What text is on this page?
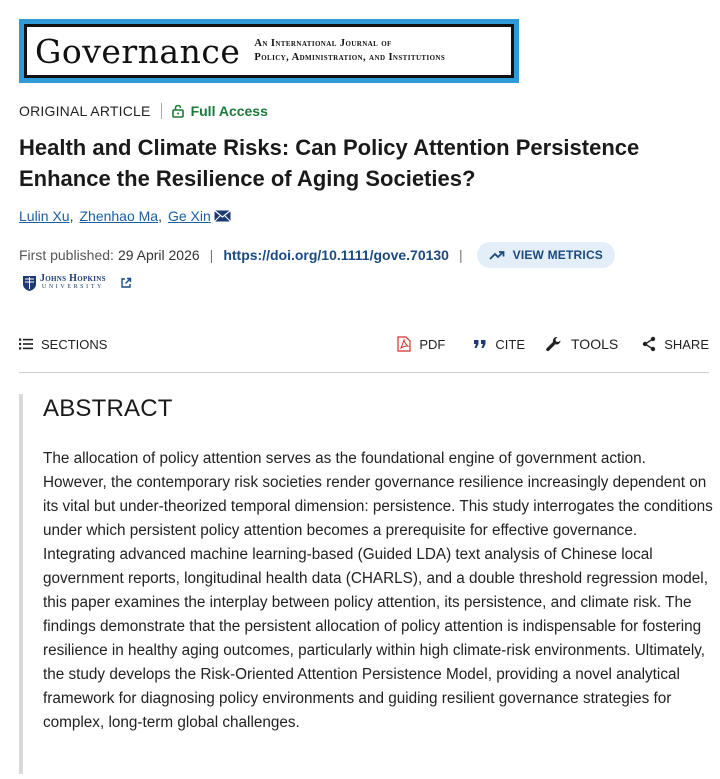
Governance An International Journal of
Policy, Administration, and Institutions
ORIGINAL ARTICLE	Full Access
Health and Climate Risks: Can Policy Attention Persistence Enhance the Resilience of Aging Societies?
Lulin Xu , Zhenhao Ma , Ge Xin
First published: 29 April 2026 | https://doi.org/10.1111/gove.70130 |	VIEW METRICS
Johns Hopkins
UNIVERSITY
SECTIONS	PDF	CITE	TOOLS	SHARE
ABSTRACT

The allocation of policy attention serves as the foundational engine of government action. However, the contemporary risk societies render governance resilience increasingly dependent on its vital but under-theorized temporal dimension: persistence. This study interrogates the conditions under which persistent policy attention becomes a prerequisite for effective governance. Integrating advanced machine learning-based (Guided LDA) text analysis of Chinese local government reports, longitudinal health data (CHARLS), and a double threshold regression model, this paper examines the interplay between policy attention, its persistence, and climate risk. The findings demonstrate that the persistent allocation of policy attention is indispensable for fostering resilience in healthy aging outcomes, particularly within high climate-risk environments. Ultimately, the study develops the Risk-Oriented Attention Persistence Model, providing a novel analytical framework for diagnosing policy environments and guiding resilient governance strategies for complex, long-term global challenges.
